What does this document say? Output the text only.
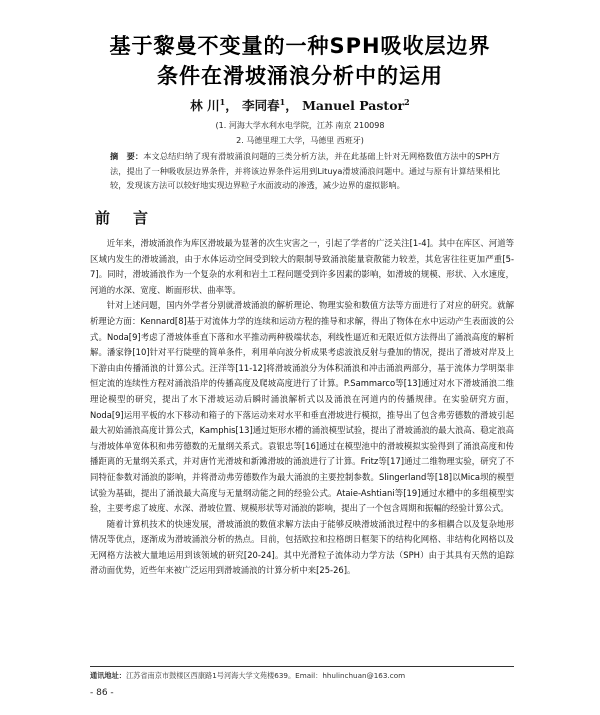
基于黎曼不变量的一种SPH吸收层边界
条件在滑坡涌浪分析中的运用
林 川$^1$， 李同春$^1$， Manuel Pastor$^2$
(1. 河海大学水利水电学院，江苏 南京 210098
2. 马德里理工大学，马德里 西班牙)
摘　要：本文总结归纳了现有滑坡涌浪问题的三类分析方法，并在此基础上针对无网格数值方法中的SPH方法，提出了一种吸收层边界条件，并将该边界条件运用到Lituya滑坡涌浪问题中。通过与原有计算结果相比较，发现该方法可以较好地实现边界粒子水面波动的渗透，减少边界的虚拟影响。
前　言

近年来，滑坡涌浪作为库区滑坡最为显著的次生灾害之一，引起了学者的广泛关注[1-4]。其中在库区、河道等区域内发生的滑坡涌浪，由于水体运动空间受到较大的限制导致涌浪能量衰散能力较差，其危害往往更加严重[5-7]。同时，滑坡涌浪作为一个复杂的水利和岩土工程问题受到许多因素的影响，如滑坡的规模、形状、入水速度，河道的水深、宽度、断面形状、曲率等。

针对上述问题，国内外学者分别就滑坡涌浪的解析理论、物理实验和数值方法等方面进行了对应的研究。就解析理论方面：Kennard[8]基于对流体力学的连续和运动方程的推导和求解，得出了物体在水中运动产生表面波的公式。Noda[9]考虑了滑坡体垂直下落和水平推动两种极端状态，利线性逼近和无限近似方法得出了涌浪高度的解析解。潘家铮[10]针对平行陡壁的简单条件，利用单向波分析成果考虑波浪反射与叠加的情况，提出了滑坡对岸及上下游由由传播涌浪的计算公式。汪洋等[11-12]将滑坡涌浪分为体积涌浪和冲击涌浪两部分，基于流体力学明渠非恒定流的连续性方程对涌浪沿岸的传播高度及爬坡高度进行了计算。P.Sammarco等[13]通过对水下滑坡涌浪二维理论模型的研究，提出了水下滑坡运动后瞬时涌浪解析式以及涌浪在河道内的传播规律。在实验研究方面，Noda[9]运用平板的水下移动和箱子的下落运动来对水平和垂直滑坡进行模拟，推导出了包含弗劳德数的滑坡引起最大初始涌浪高度计算公式，Kamphis[13]通过矩形水槽的涌浪模型试验，提出了滑坡涌浪的最大浪高、稳定浪高与滑坡体单宽体积和弗劳德数的无量纲关系式。袁银忠等[16]通过在模型池中的滑坡模拟实验得到了涌浪高度和传播距离的无量纲关系式，并对唐竹光滑坡和新滩滑坡的涌浪进行了计算。Fritz等[17]通过二维物理实验，研究了不同特征参数对涌浪的影响，并将滑动弗劳德数作为最大涌浪的主要控制参数。Slingerland等[18]以Mica坝的模型试验为基础，提出了涌浪最大高度与无量纲动能之间的经验公式。Ataie-Ashtiani等[19]通过水槽中的多组模型实验，主要考虑了坡度、水深、滑坡位置、规模形状等对涌浪的影响，提出了一个包含周期和振幅的经验计算公式。

随着计算机技术的快速发展，滑坡涌浪的数值求解方法由于能够反映滑坡涌浪过程中的多相耦合以及复杂地形情况等优点，逐渐成为滑坡涌浪分析的热点。目前，包括欧拉和拉格朗日框架下的结构化网格、非结构化网格以及无网格方法被大量地运用到该领域的研究[20-24]。其中光滑粒子流体动力学方法（SPH）由于其具有天然的追踪滑动面优势，近些年来被广泛运用到滑坡涌浪的计算分析中来[25-26]。

通讯地址：江苏省南京市鼓楼区西康路1号河海大学文苑楼639。Email：hhulinchuan@163.com
- 86 -
